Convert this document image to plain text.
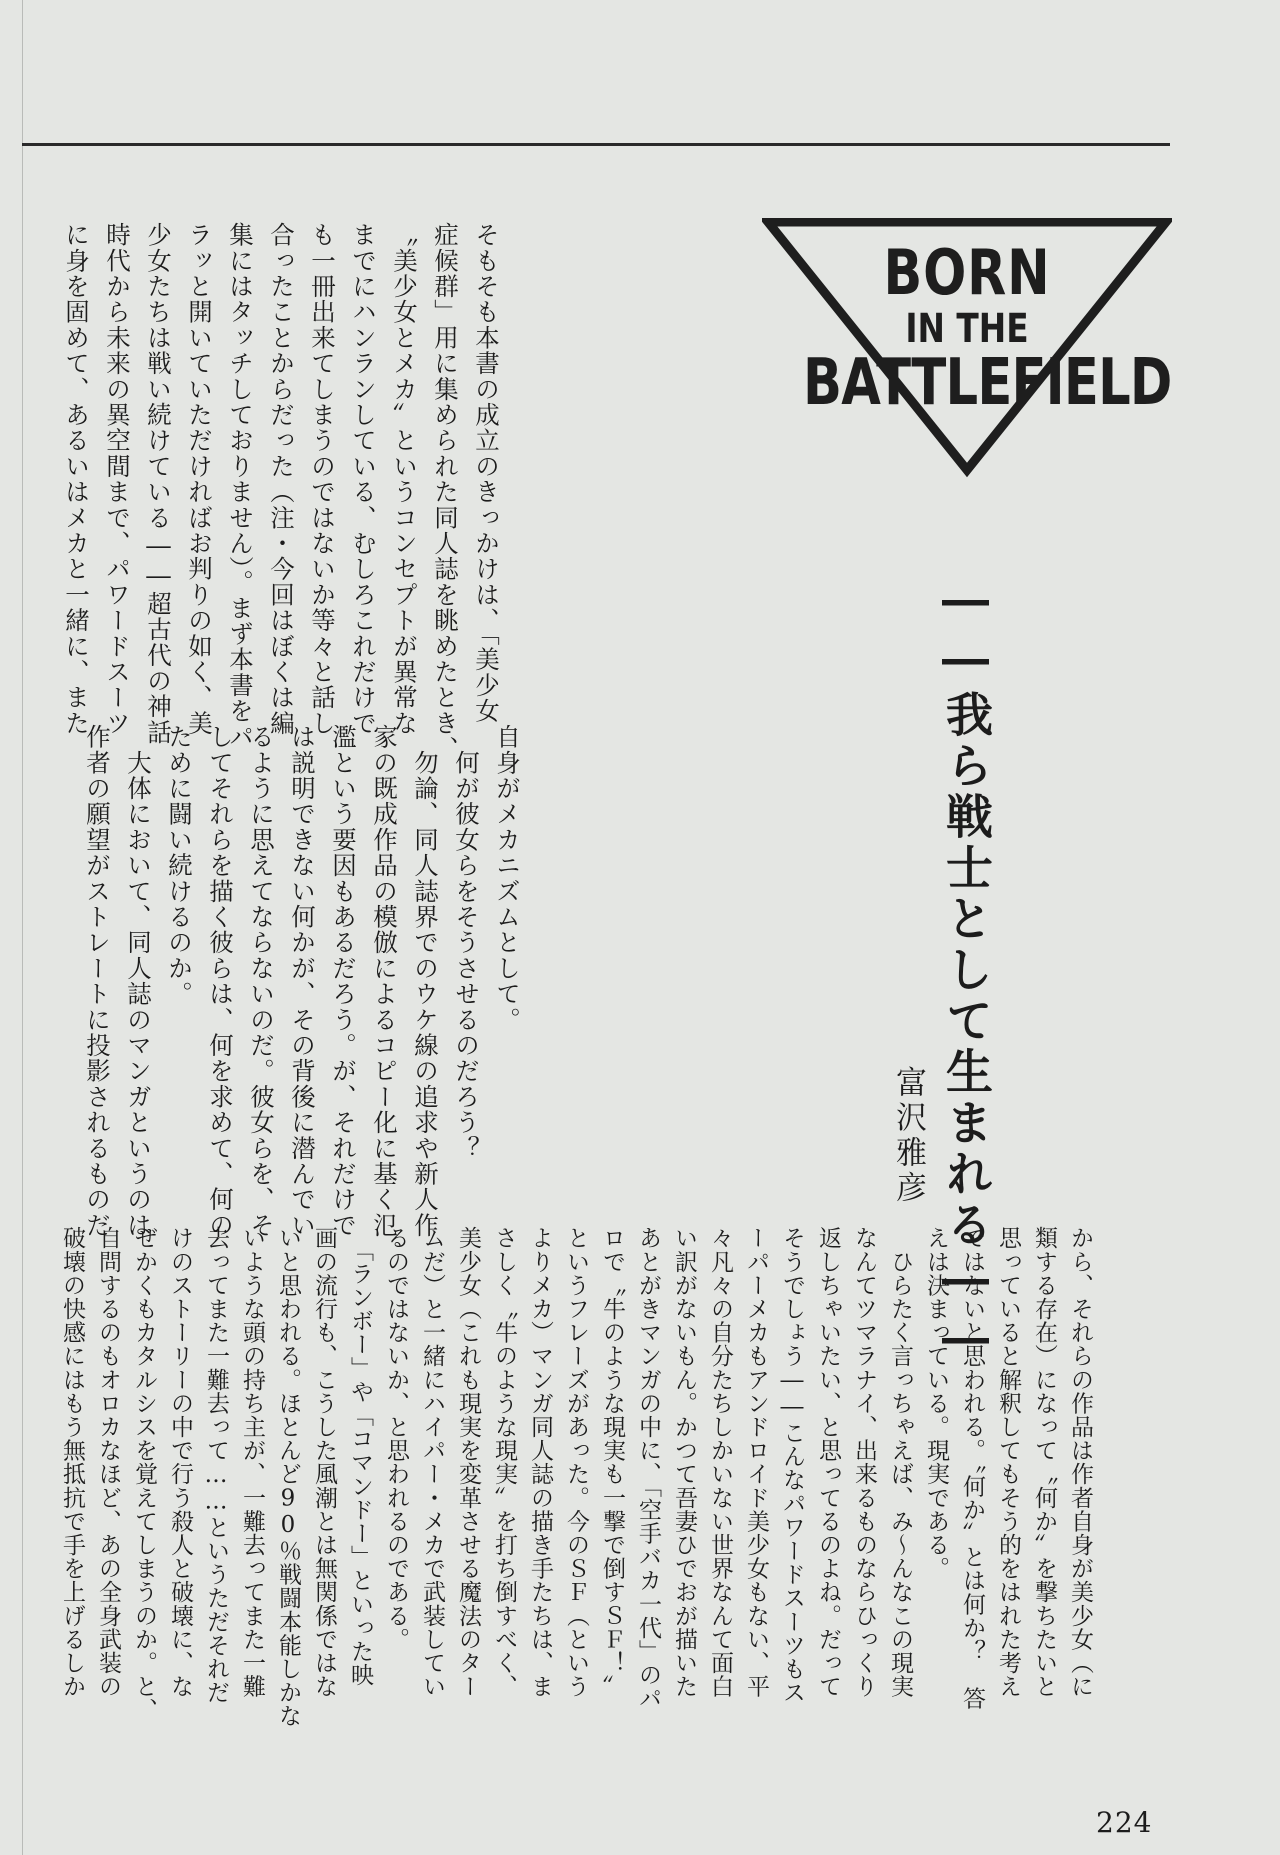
BORN
IN THE
BATTLEFIELD
――我ら戦士として生まれる――
富沢雅彦
そもそも本書の成立のきっかけは、「美少女
症候群」用に集められた同人誌を眺めたとき、
〝美少女とメカ〟というコンセプトが異常な
までにハンランしている、むしろこれだけで
も一冊出来てしまうのではないか等々と話し
合ったことからだった（注・今回はぼくは編
集にはタッチしておりません）。まず本書をパ
ラッと開いていただければお判りの如く、美
少女たちは戦い続けている――超古代の神話
時代から未来の異空間まで、パワードスーツ
に身を固めて、あるいはメカと一緒に、また
自身がメカニズムとして。
　何が彼女らをそうさせるのだろう？
　勿論、同人誌界でのウケ線の追求や新人作
家の既成作品の模倣によるコピー化に基く氾
濫という要因もあるだろう。が、それだけで
は説明できない何かが、その背後に潜んでい
るように思えてならないのだ。彼女らを、そ
してそれらを描く彼らは、何を求めて、何の
ために闘い続けるのか。
　大体において、同人誌のマンガというのは
作者の願望がストレートに投影されるものだ
から、それらの作品は作者自身が美少女（に
類する存在）になって〝何か〟を撃ちたいと
思っていると解釈してもそう的をはれた考え
ではないと思われる。〝何か〟とは何か？　答
えは決まっている。現実である。
　ひらたく言っちゃえば、み～んなこの現実
なんてツマラナイ、出来るものならひっくり
返しちゃいたい、と思ってるのよね。だって
そうでしょう――こんなパワードスーツもス
ーパーメカもアンドロイド美少女もない、平
々凡々の自分たちしかいない世界なんて面白
い訳がないもん。かつて吾妻ひでおが描いた
あとがきマンガの中に、「空手バカ一代」のパ
ロで〝牛のような現実も一撃で倒すＳＦ！〟
というフレーズがあった。今のＳＦ（という
よりメカ）マンガ同人誌の描き手たちは、ま
さしく〝牛のような現実〟を打ち倒すべく、
美少女（これも現実を変革させる魔法のター
ムだ）と一緒にハイパー・メカで武装してい
るのではないか、と思われるのである。
　「ランボー」や「コマンドー」といった映
画の流行も、こうした風潮とは無関係ではな
いと思われる。ほとんど90％戦闘本能しかな
いような頭の持ち主が、一難去ってまた一難
去ってまた一難去って……というただそれだ
けのストーリーの中で行う殺人と破壊に、な
ぜかくもカタルシスを覚えてしまうのか。と、
自問するのもオロカなほど、あの全身武装の
破壊の快感にはもう無抵抗で手を上げるしか
224
